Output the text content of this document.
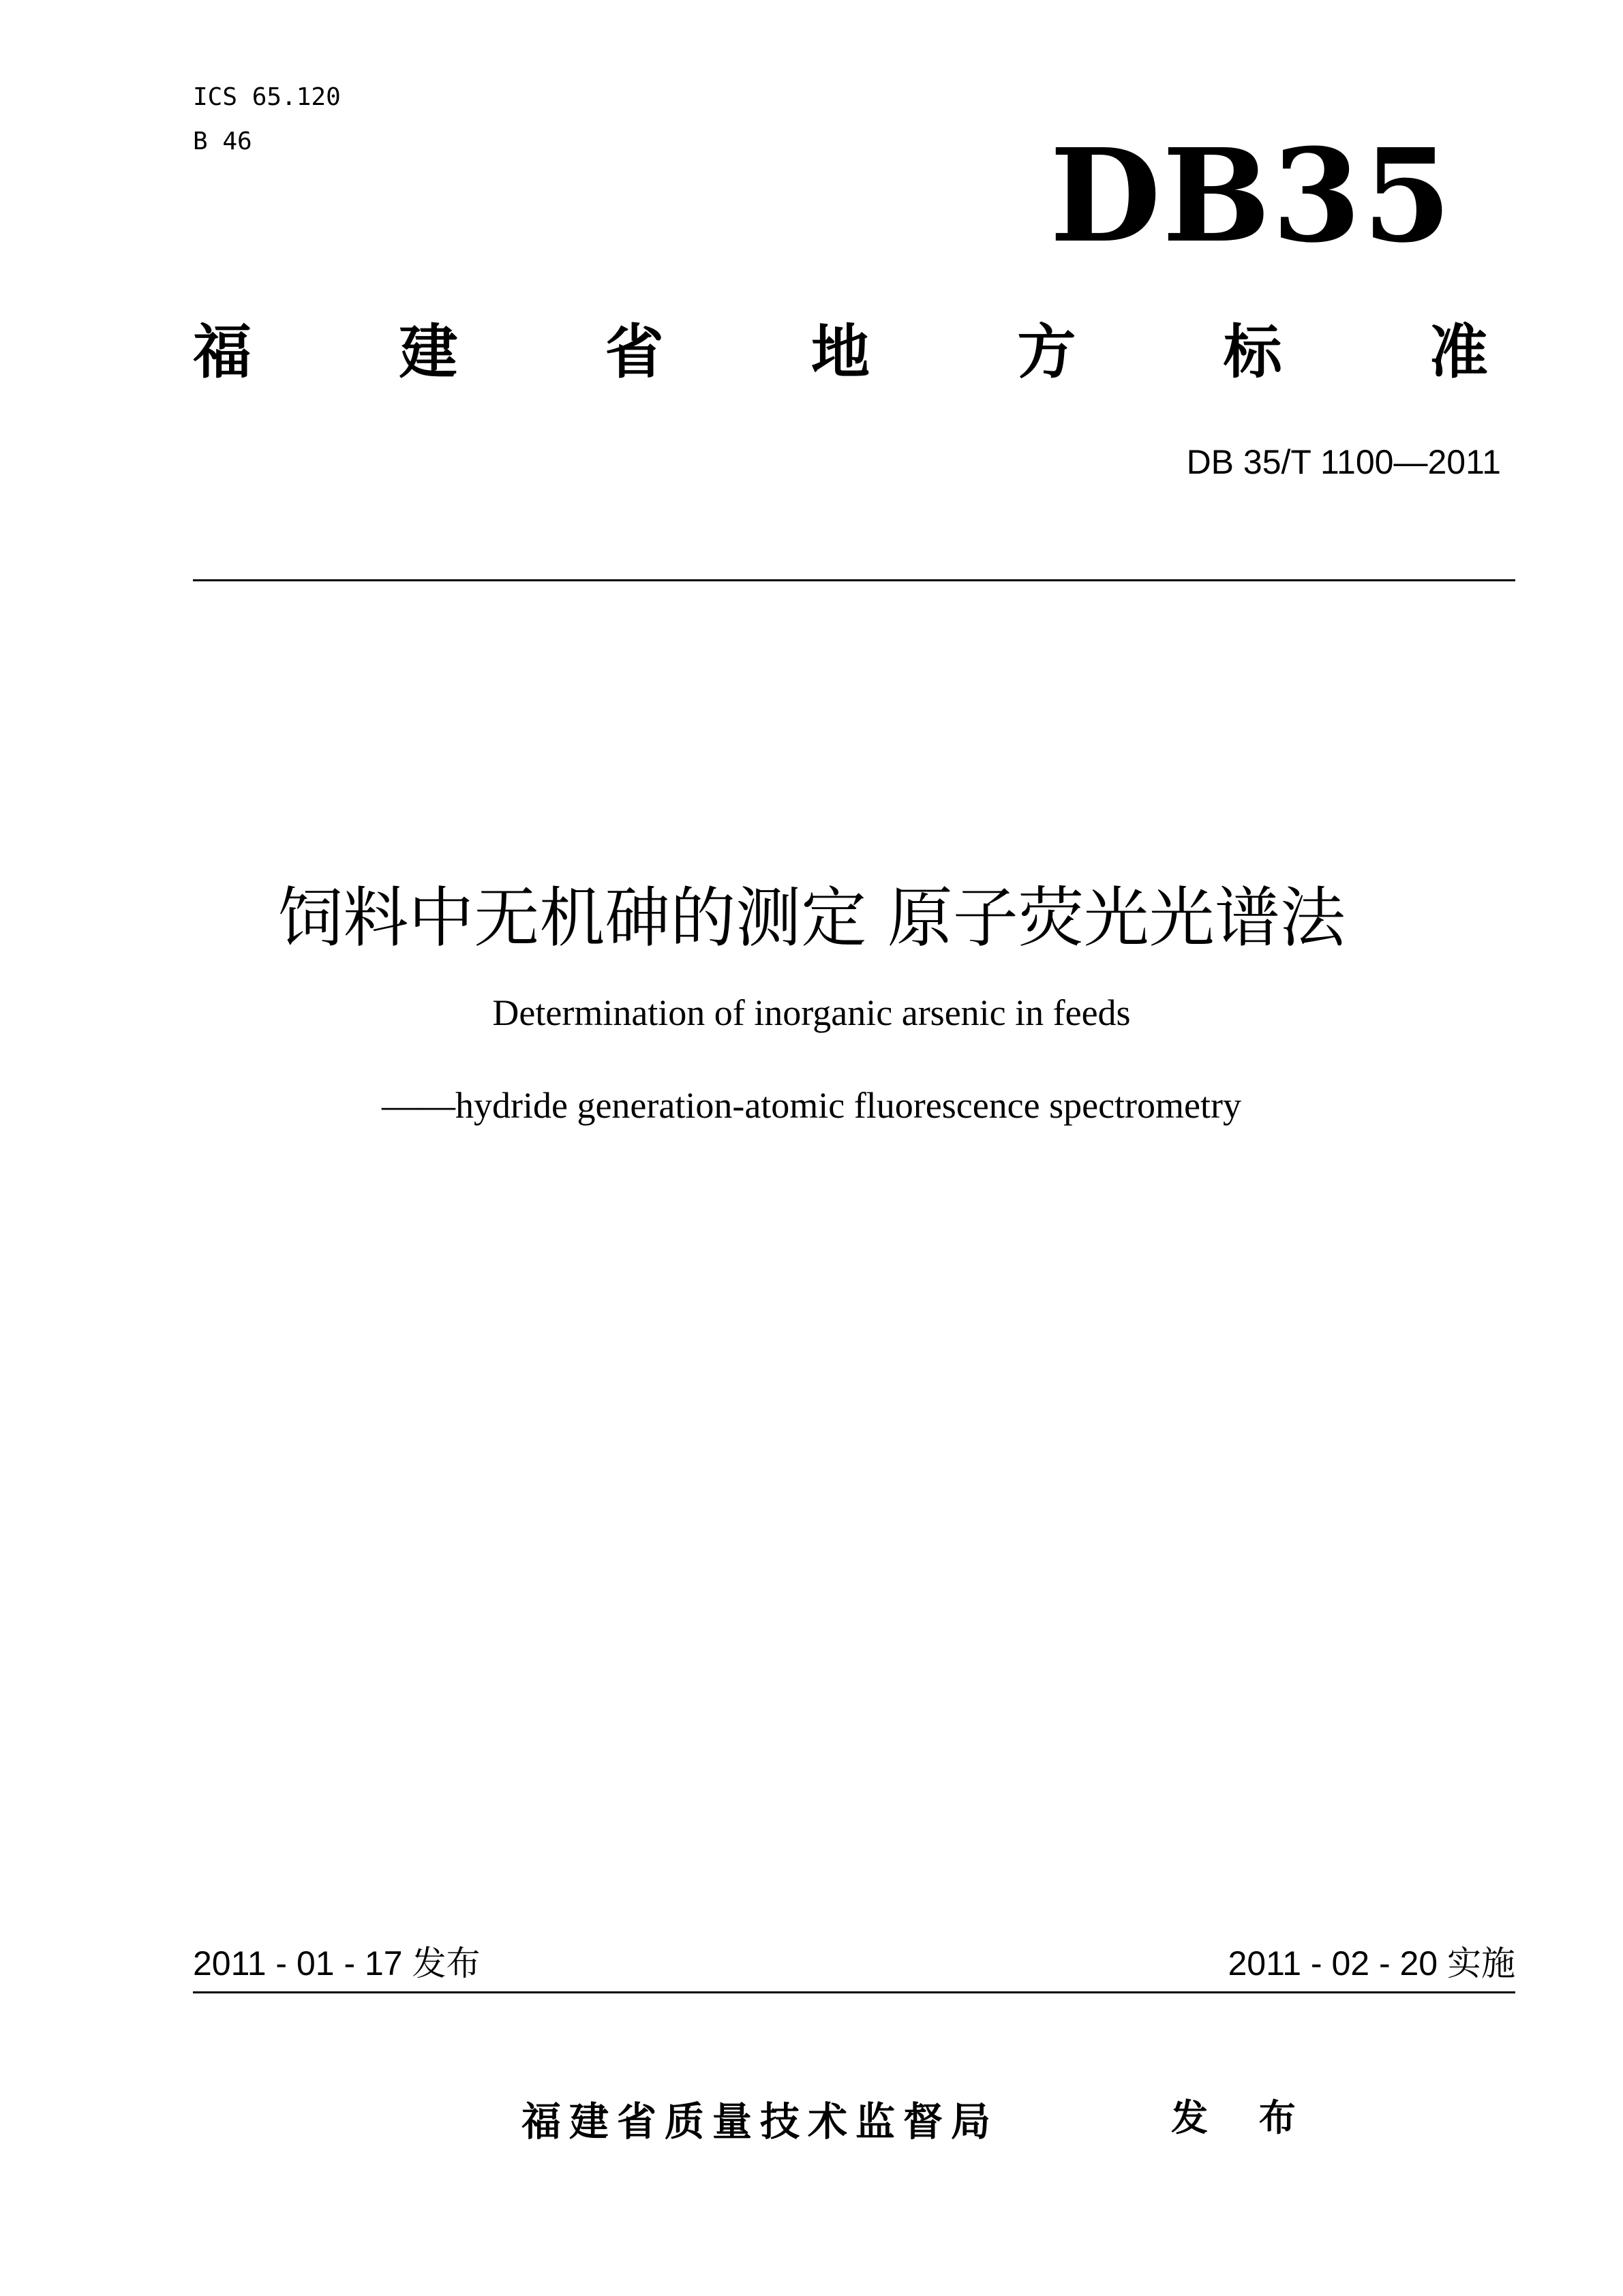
ICS 65.120
B 46	DB35
福	建	省	地	方	标	准
DB 35/T 1100—2011
饲料中无机砷的测定 原子荧光光谱法
Determination of inorganic arsenic in feeds
——hydride generation-atomic fluorescence spectrometry
2011 - 01 - 17 发布	2011 - 02 - 20 实施
福建省质量技术监督局	发 布
